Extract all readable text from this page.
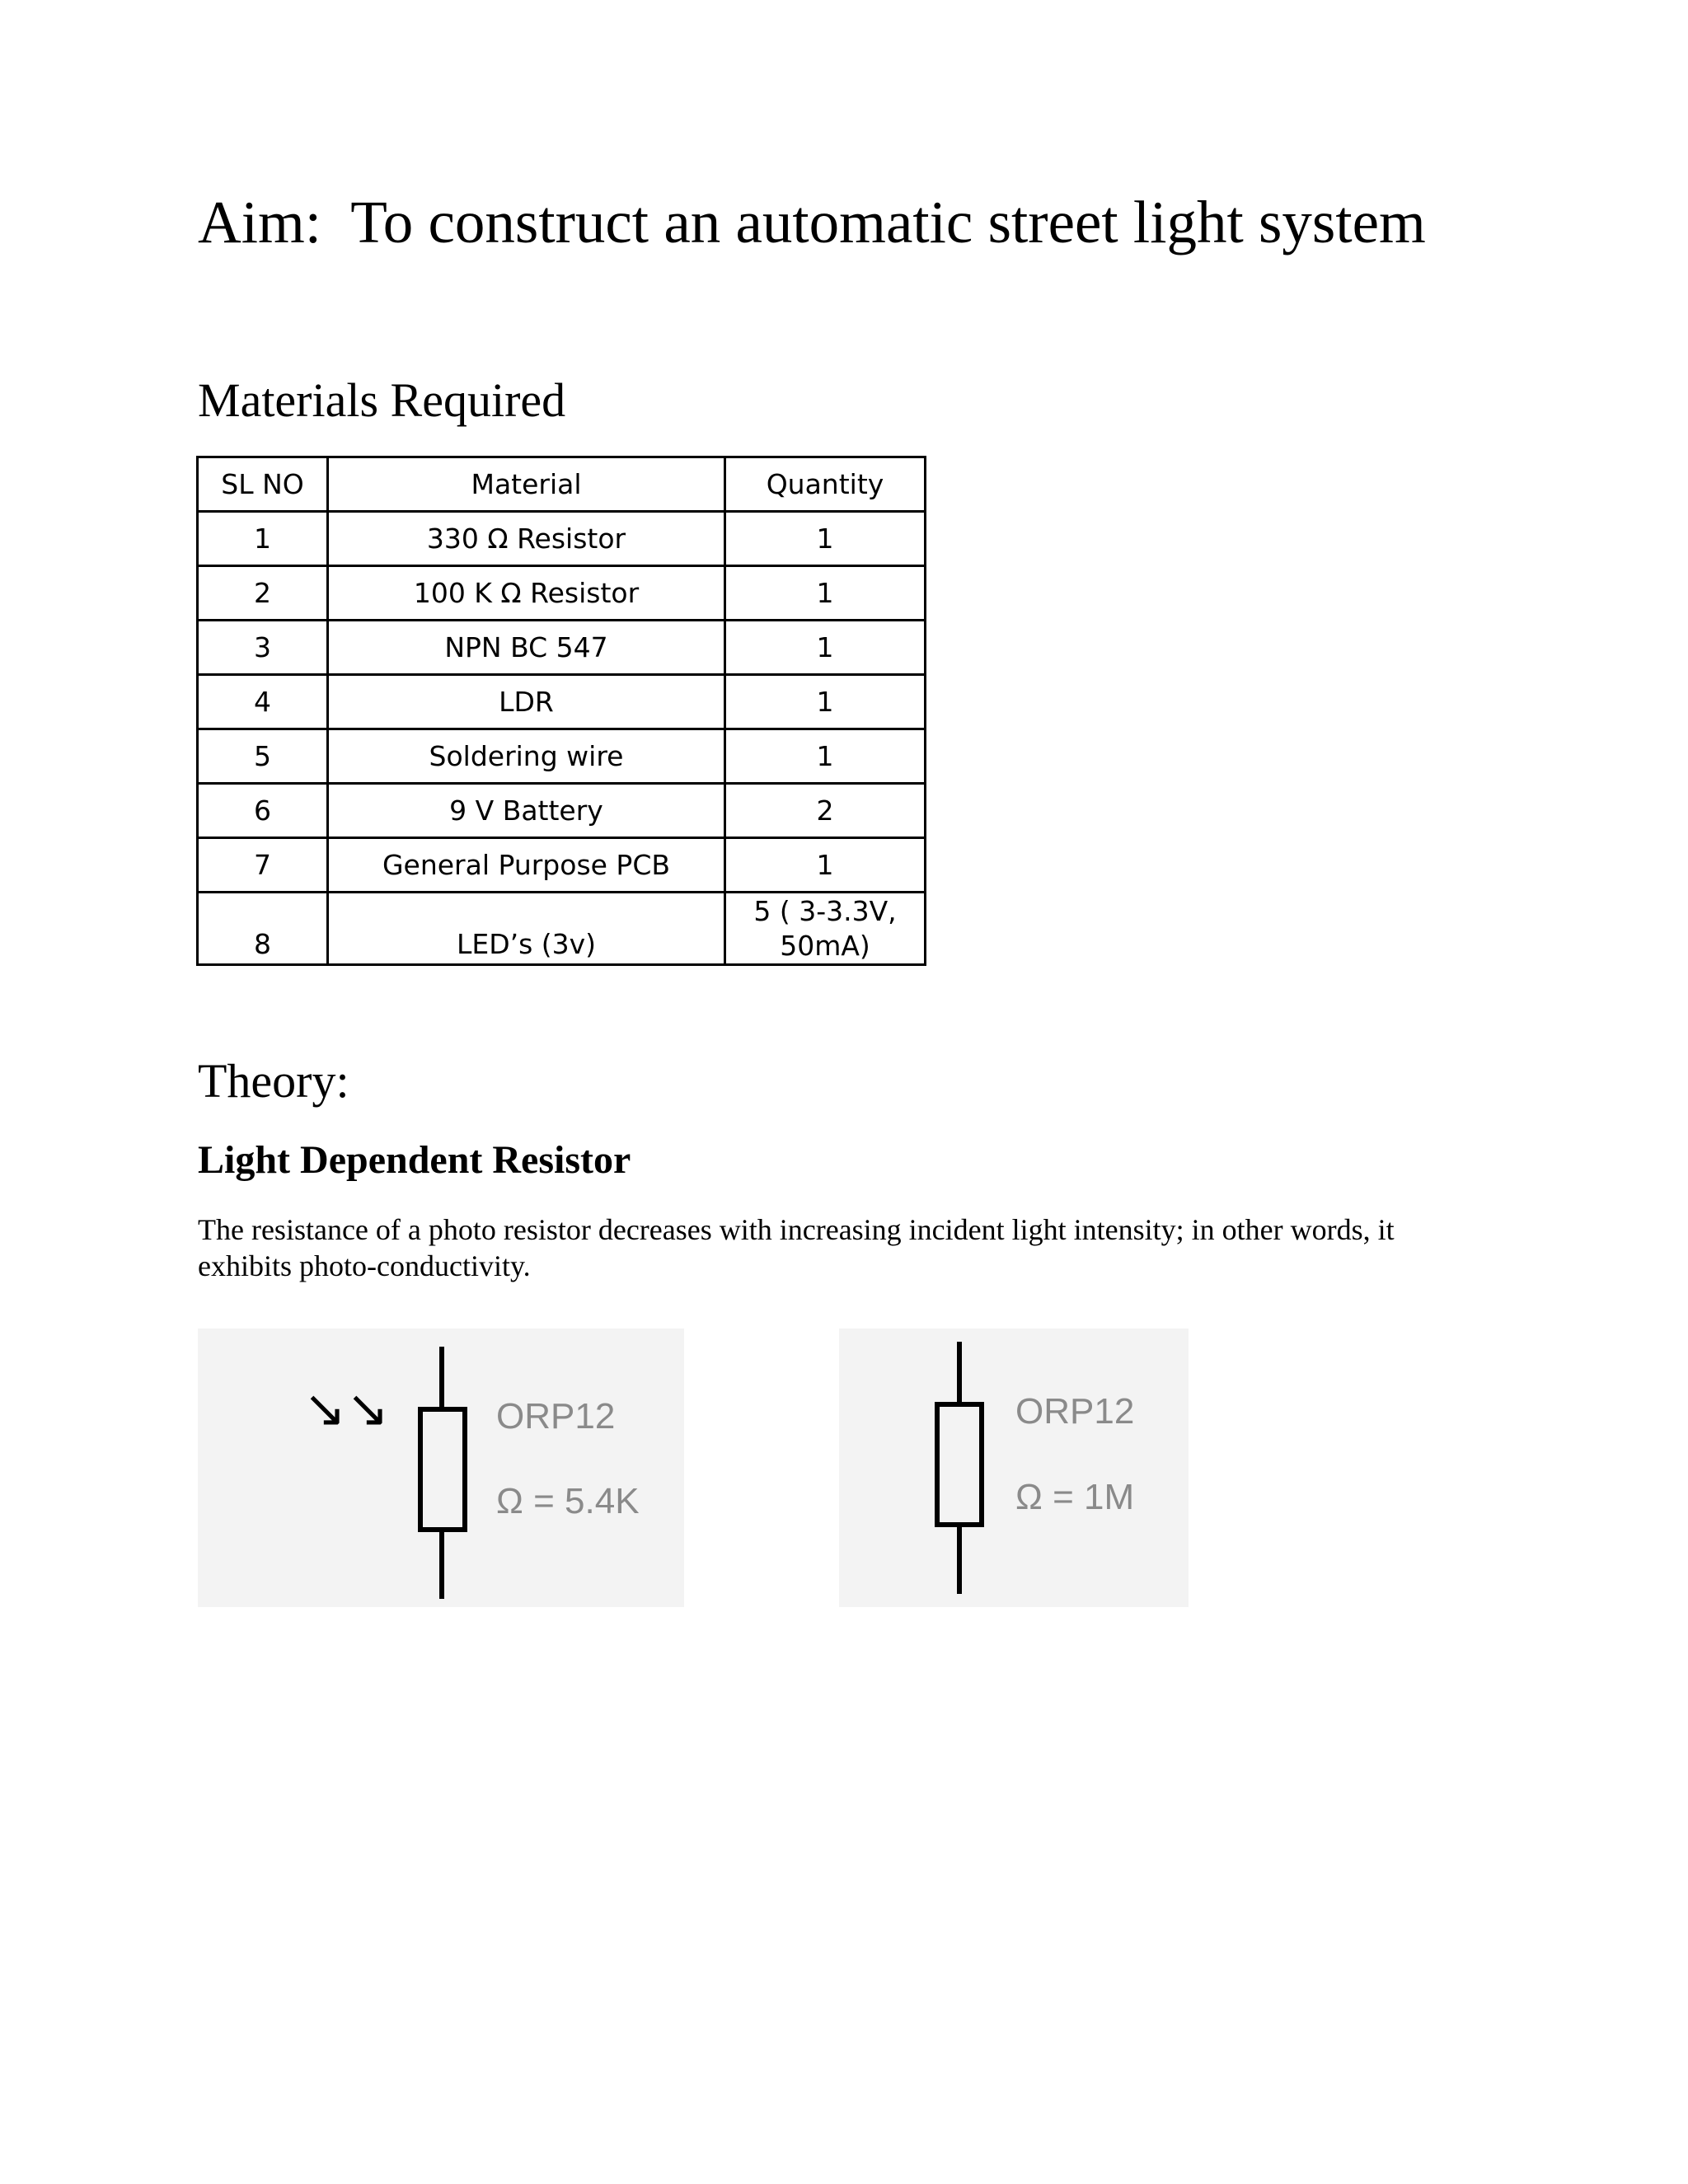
Aim: To construct an automatic street light system
Materials Required
SL NO	Material	Quantity
1	330 Ω Resistor	1
2	100 K Ω Resistor	1
3	NPN BC 547	1
4	LDR	1
5	Soldering wire	1
6	9 V Battery	2
7	General Purpose PCB	1
8	LED’s (3v)	5 ( 3-3.3V,
50mA)
Theory:
Light Dependent Resistor

The resistance of a photo resistor decreases with increasing incident light intensity; in other words, it exhibits photo-conductivity.

↘↘	ORP12
Ω = 5.4K
ORP12
Ω = 1M
